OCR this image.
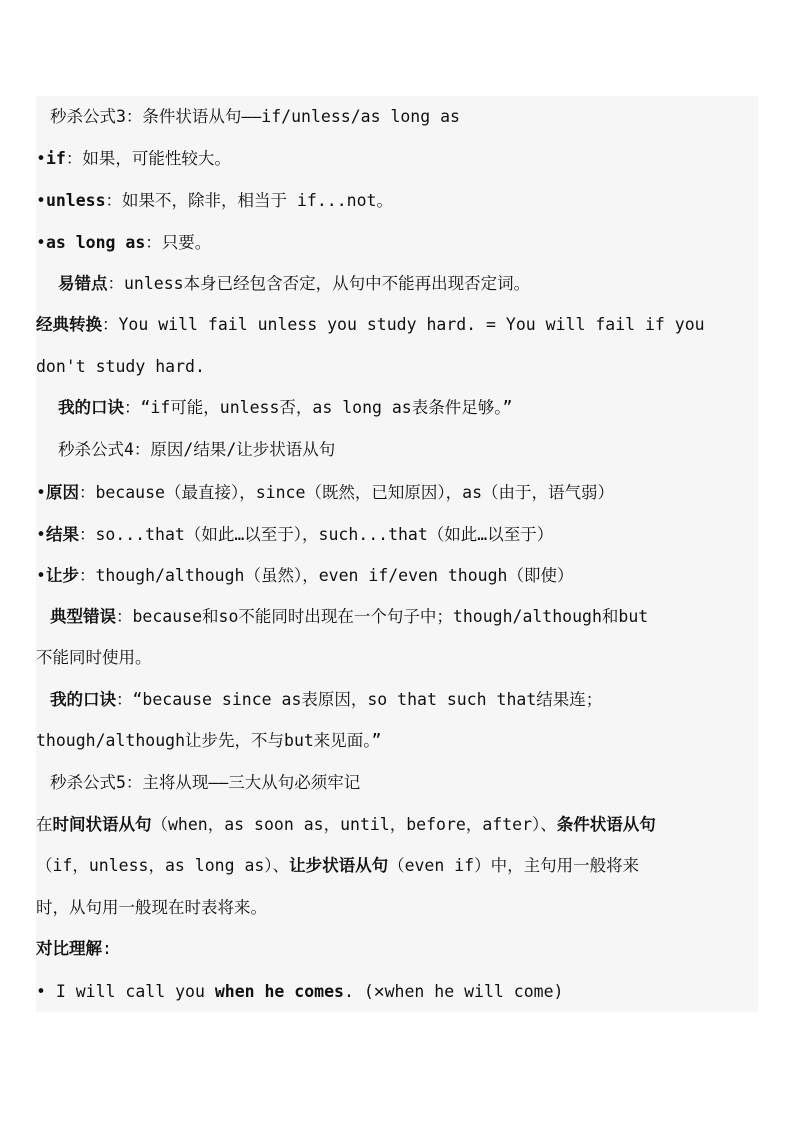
秒杀公式3：条件状语从句——if/unless/as long as

•if：如果，可能性较大。

•unless：如果不，除非，相当于 if...not。

•as long as：只要。

易错点：unless本身已经包含否定，从句中不能再出现否定词。

经典转换：You will fail unless you study hard. = You will fail if you

don't study hard.

我的口诀：“if可能，unless否，as long as表条件足够。”

秒杀公式4：原因/结果/让步状语从句

•原因：because（最直接），since（既然，已知原因），as（由于，语气弱）

•结果：so...that（如此…以至于），such...that（如此…以至于）

•让步：though/although（虽然），even if/even though（即使）

典型错误：because和so不能同时出现在一个句子中；though/although和but

不能同时使用。

我的口诀：“because since as表原因，so that such that结果连；

though/although让步先，不与but来见面。”

秒杀公式5：主将从现——三大从句必须牢记

在时间状语从句（when，as soon as，until，before，after）、条件状语从句

（if，unless，as long as）、让步状语从句（even if）中，主句用一般将来

时，从句用一般现在时表将来。

对比理解:

• I will call you when he comes. (✕when he will come)
